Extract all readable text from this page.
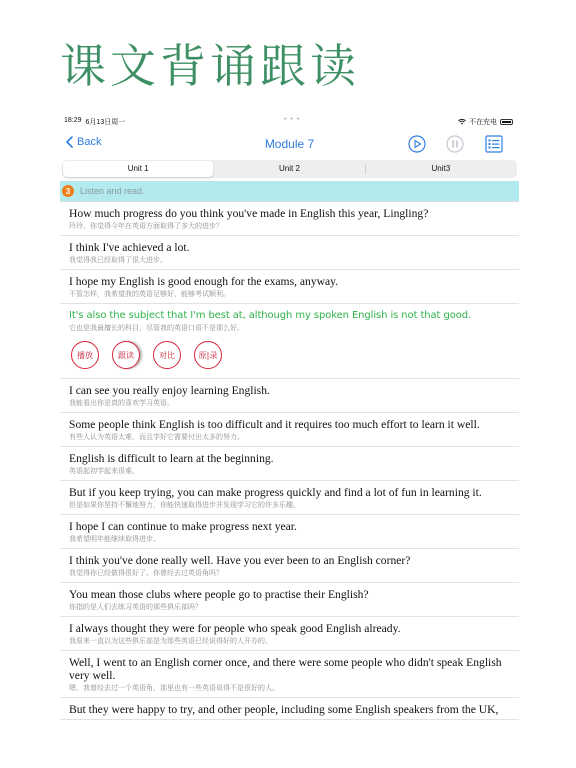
课文背诵跟读
18:29 6月13日周一	• • •	不在充电
Back	Module 7
Unit 1	Unit 2	Unit3
3	Listen and read.
How much progress do you think you've made in English this year, Lingling?
玲玲，你觉得今年在英语方面取得了多大的进步？
I think I've achieved a lot.
我觉得我已经取得了很大进步。
I hope my English is good enough for the exams, anyway.
不管怎样，我希望我的英语足够好，能够考试顺利。
It's also the subject that I'm best at, although my spoken English is not that good.
它也是我最擅长的科目，尽管我的英语口语不是那么好。
播放	跟读	对比	原|录
I can see you really enjoy learning English.
我能看出你是真的喜欢学习英语。
Some people think English is too difficult and it requires too much effort to learn it well.
有些人认为英语太难，而且学好它需要付出太多的努力。
English is difficult to learn at the beginning.
英语起初学起来很难。
But if you keep trying, you can make progress quickly and find a lot of fun in learning it.
但是如果你坚持不懈地努力，你能快速取得进步并发现学习它的许多乐趣。
I hope I can continue to make progress next year.
我希望明年能继续取得进步。
I think you've done really well. Have you ever been to an English corner?
我觉得你已经做得很好了。你曾经去过英语角吗？
You mean those clubs where people go to practise their English?
你指的是人们去练习英语的那些俱乐部吗？
I always thought they were for people who speak good English already.
我原来一直以为这些俱乐部是为那些英语已经说得好的人开办的。
Well, I went to an English corner once, and there were some people who didn't speak English very well.
嗯，我曾经去过一个英语角，那里也有一些英语说得不是很好的人。
But they were happy to try, and other people, including some English speakers from the UK,
